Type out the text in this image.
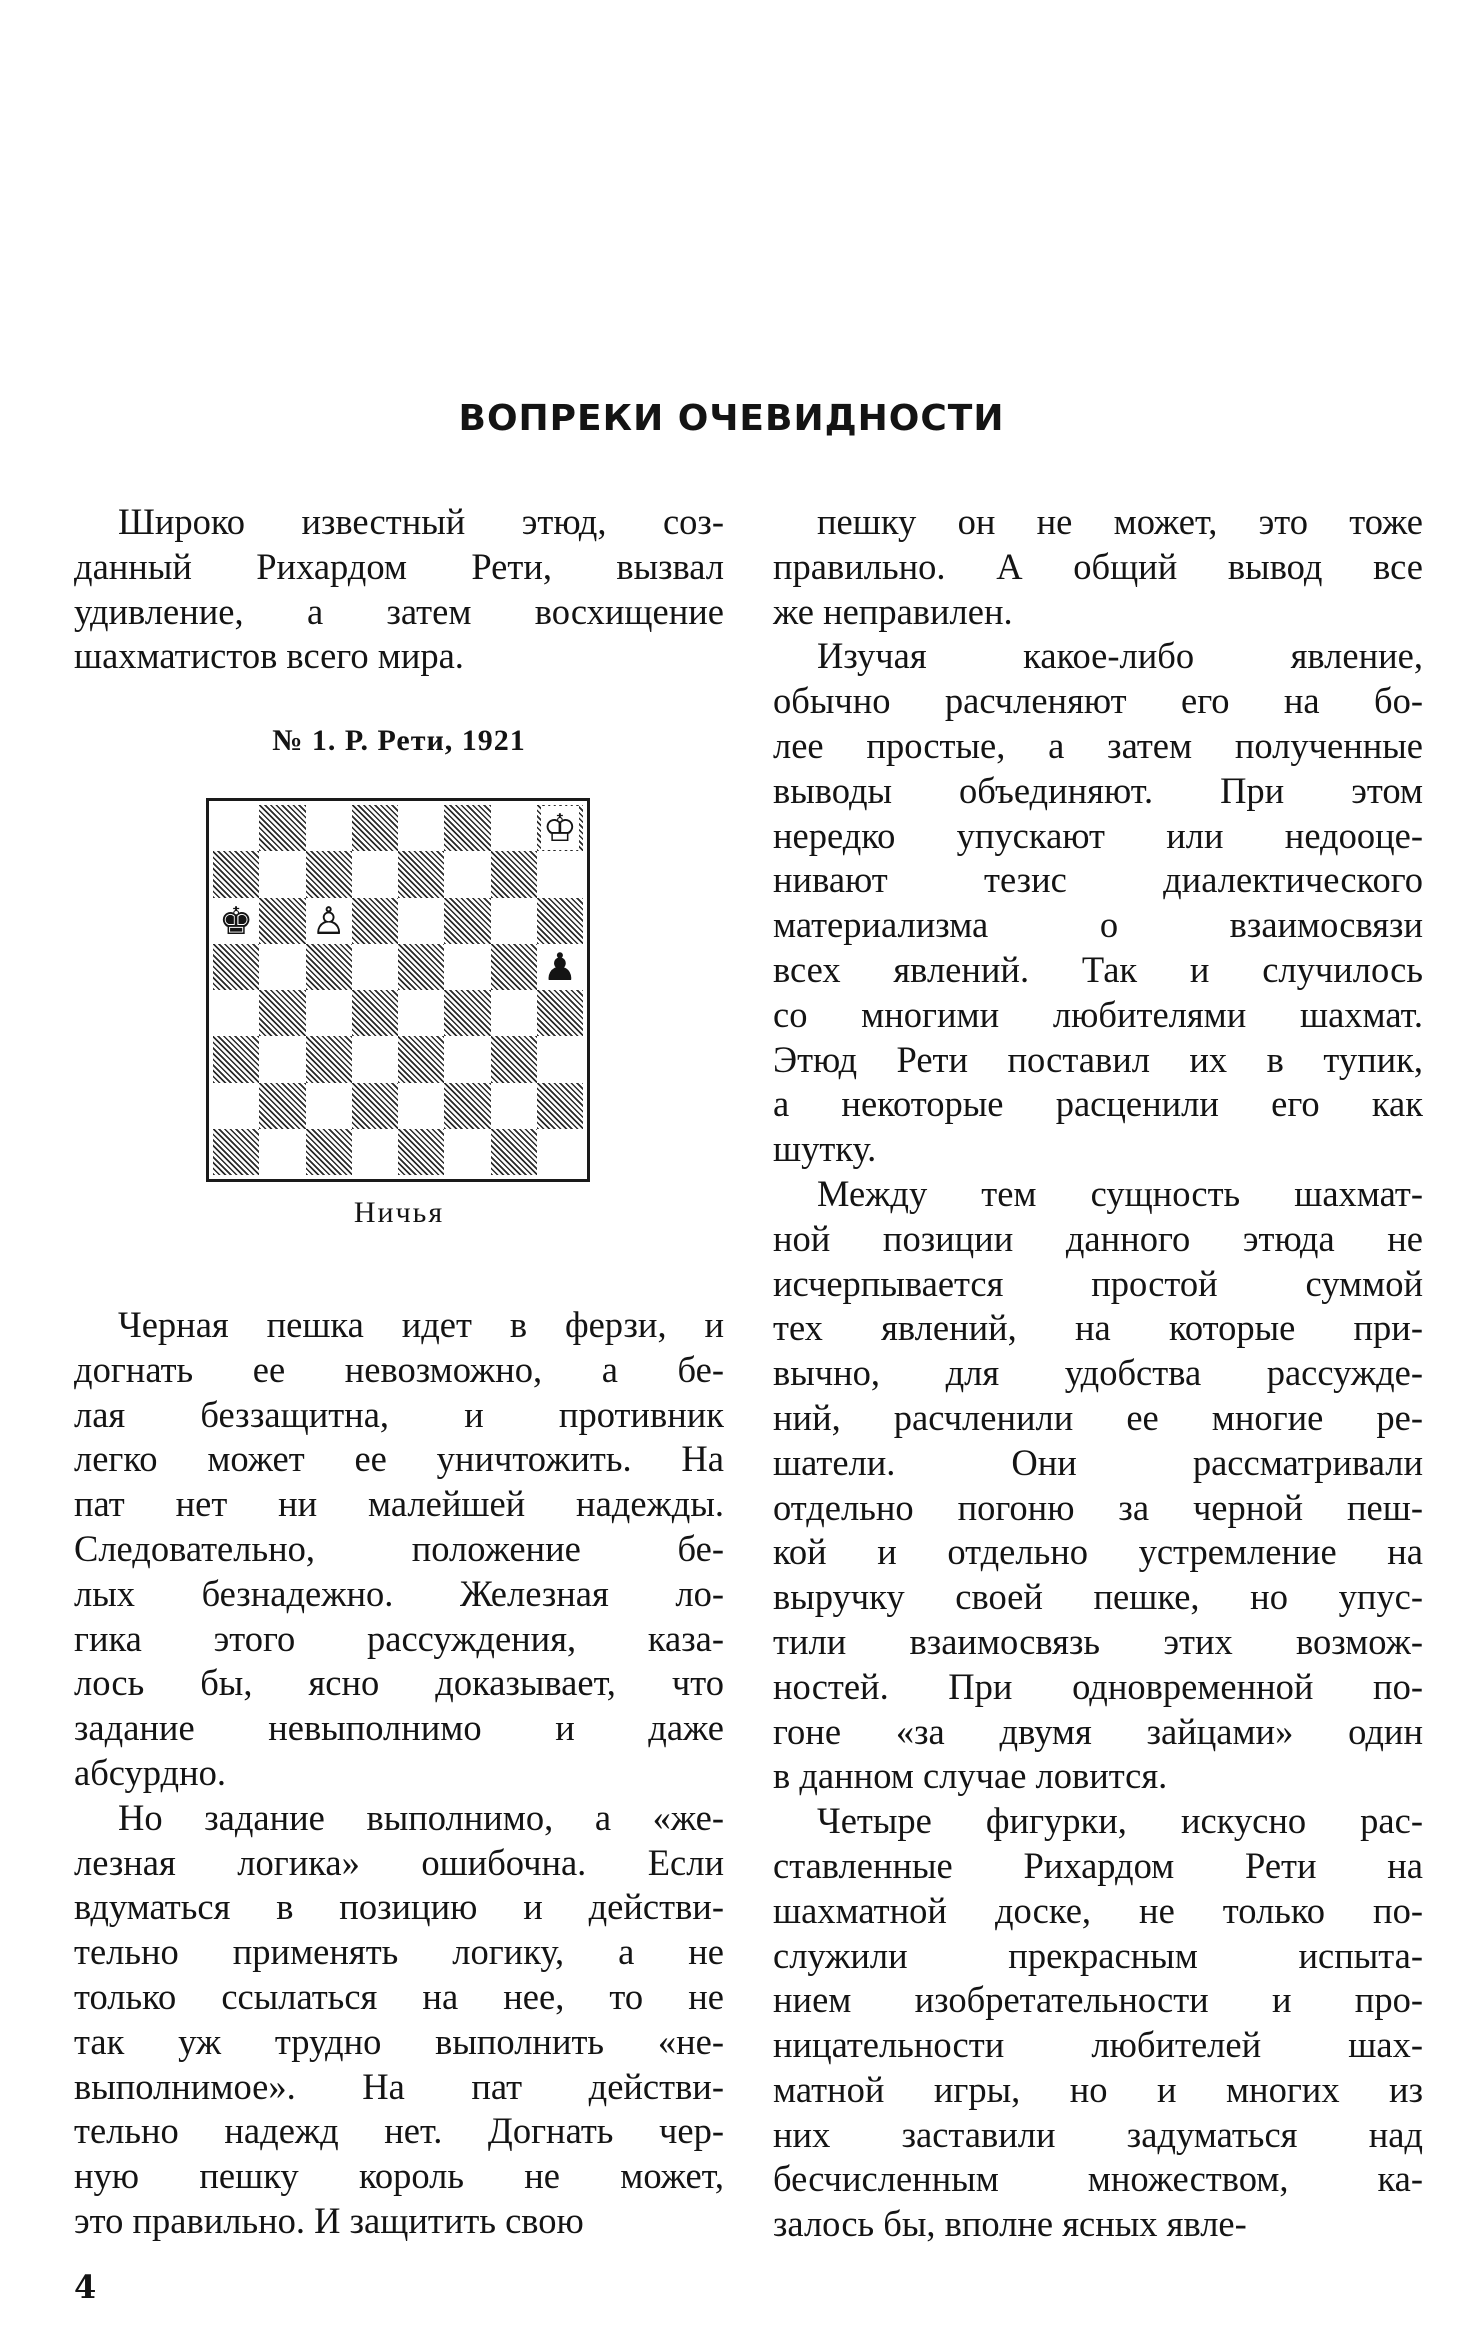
ВОПРЕКИ ОЧЕВИДНОСТИ
Широко известный этюд, соз-
данный Рихардом Рети, вызвал
удивление, а затем восхищение
шахматистов всего мира.
№ 1. Р. Рети, 1921
♔
♚ ♙
♟
Ничья
Черная пешка идет в ферзи, и
догнать ее невозможно, а бе-
лая беззащитна, и противник
легко может ее уничтожить. На
пат нет ни малейшей надежды.
Следовательно, положение бе-
лых безнадежно. Железная ло-
гика этого рассуждения, каза-
лось бы, ясно доказывает, что
задание невыполнимо и даже
абсурдно.
Но задание выполнимо, а «же-
лезная логика» ошибочна. Если
вдуматься в позицию и действи-
тельно применять логику, а не
только ссылаться на нее, то не
так уж трудно выполнить «не-
выполнимое». На пат действи-
тельно надежд нет. Догнать чер-
ную пешку король не может,
это правильно. И защитить свою
пешку он не может, это тоже
правильно. А общий вывод все
же неправилен.
Изучая какое-либо явление,
обычно расчленяют его на бо-
лее простые, а затем полученные
выводы объединяют. При этом
нередко упускают или недооце-
нивают тезис диалектического
материализма о взаимосвязи
всех явлений. Так и случилось
со многими любителями шахмат.
Этюд Рети поставил их в тупик,
а некоторые расценили его как
шутку.
Между тем сущность шахмат-
ной позиции данного этюда не
исчерпывается простой суммой
тех явлений, на которые при-
вычно, для удобства рассужде-
ний, расчленили ее многие ре-
шатели. Они рассматривали
отдельно погоню за черной пеш-
кой и отдельно устремление на
выручку своей пешке, но упус-
тили взаимосвязь этих возмож-
ностей. При одновременной по-
гоне «за двумя зайцами» один
в данном случае ловится.
Четыре фигурки, искусно рас-
ставленные Рихардом Рети на
шахматной доске, не только по-
служили прекрасным испыта-
нием изобретательности и про-
ницательности любителей шах-
матной игры, но и многих из
них заставили задуматься над
бесчисленным множеством, ка-
залось бы, вполне ясных явле-
4
